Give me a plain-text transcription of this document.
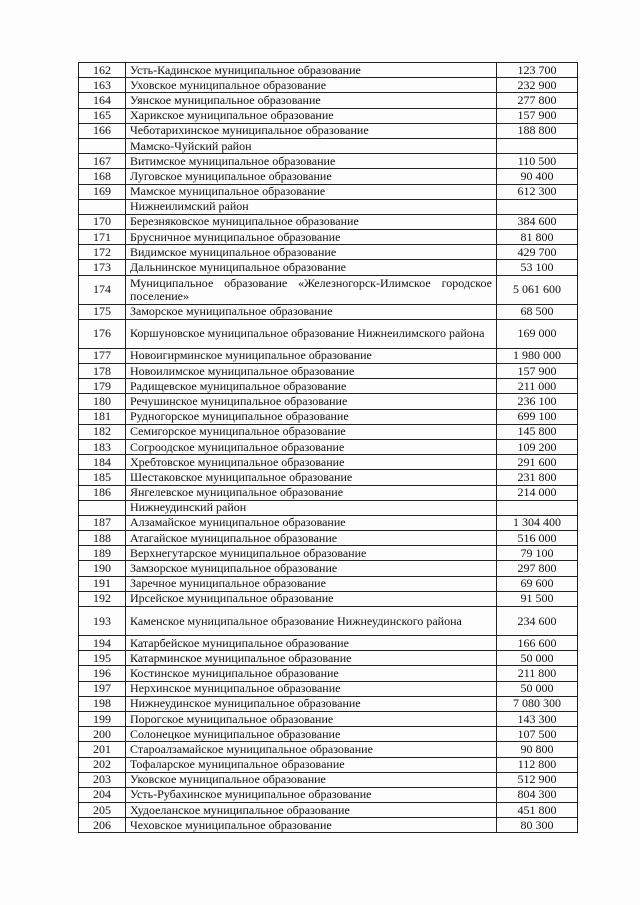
162	Усть-Кадинское муниципальное образование	123 700
163	Уховское муниципальное образование	232 900
164	Уянское муниципальное образование	277 800
165	Харикское муниципальное образование	157 900
166	Чеботарихинское муниципальное образование	188 800
	Мамско-Чуйский район	
167	Витимское муниципальное образование	110 500
168	Луговское муниципальное образование	90 400
169	Мамское муниципальное образование	612 300
	Нижнеилимский район	
170	Березняковское муниципальное образование	384 600
171	Брусничное муниципальное образование	81 800
172	Видимское муниципальное образование	429 700
173	Дальнинское муниципальное образование	53 100
174	Муниципальное образование «Железногорск-Илимское городское поселение»	5 061 600
175	Заморское муниципальное образование	68 500
176	Коршуновское муниципальное образование Нижнеилимского района	169 000
177	Новоигирминское муниципальное образование	1 980 000
178	Новоилимское муниципальное образование	157 900
179	Радищевское муниципальное образование	211 000
180	Речушинское муниципальное образование	236 100
181	Рудногорское муниципальное образование	699 100
182	Семигорское муниципальное образование	145 800
183	Согроодское муниципальное образование	109 200
184	Хребтовское муниципальное образование	291 600
185	Шестаковское муниципальное образование	231 800
186	Янгелевское муниципальное образование	214 000
	Нижнеудинский район	
187	Алзамайское муниципальное образование	1 304 400
188	Атагайское муниципальное образование	516 000
189	Верхнегутарское муниципальное образование	79 100
190	Замзорское муниципальное образование	297 800
191	Заречное муниципальное образование	69 600
192	Ирсейское муниципальное образование	91 500
193	Каменское муниципальное образование Нижнеудинского района	234 600
194	Катарбейское муниципальное образование	166 600
195	Катарминское муниципальное образование	50 000
196	Костинское муниципальное образование	211 800
197	Нерхинское муниципальное образование	50 000
198	Нижнеудинское муниципальное образование	7 080 300
199	Порогское муниципальное образование	143 300
200	Солонецкое муниципальное образование	107 500
201	Староалзамайское муниципальное образование	90 800
202	Тофаларское муниципальное образование	112 800
203	Уковское муниципальное образование	512 900
204	Усть-Рубахинское муниципальное образование	804 300
205	Худоеланское муниципальное образование	451 800
206	Чеховское муниципальное образование	80 300
